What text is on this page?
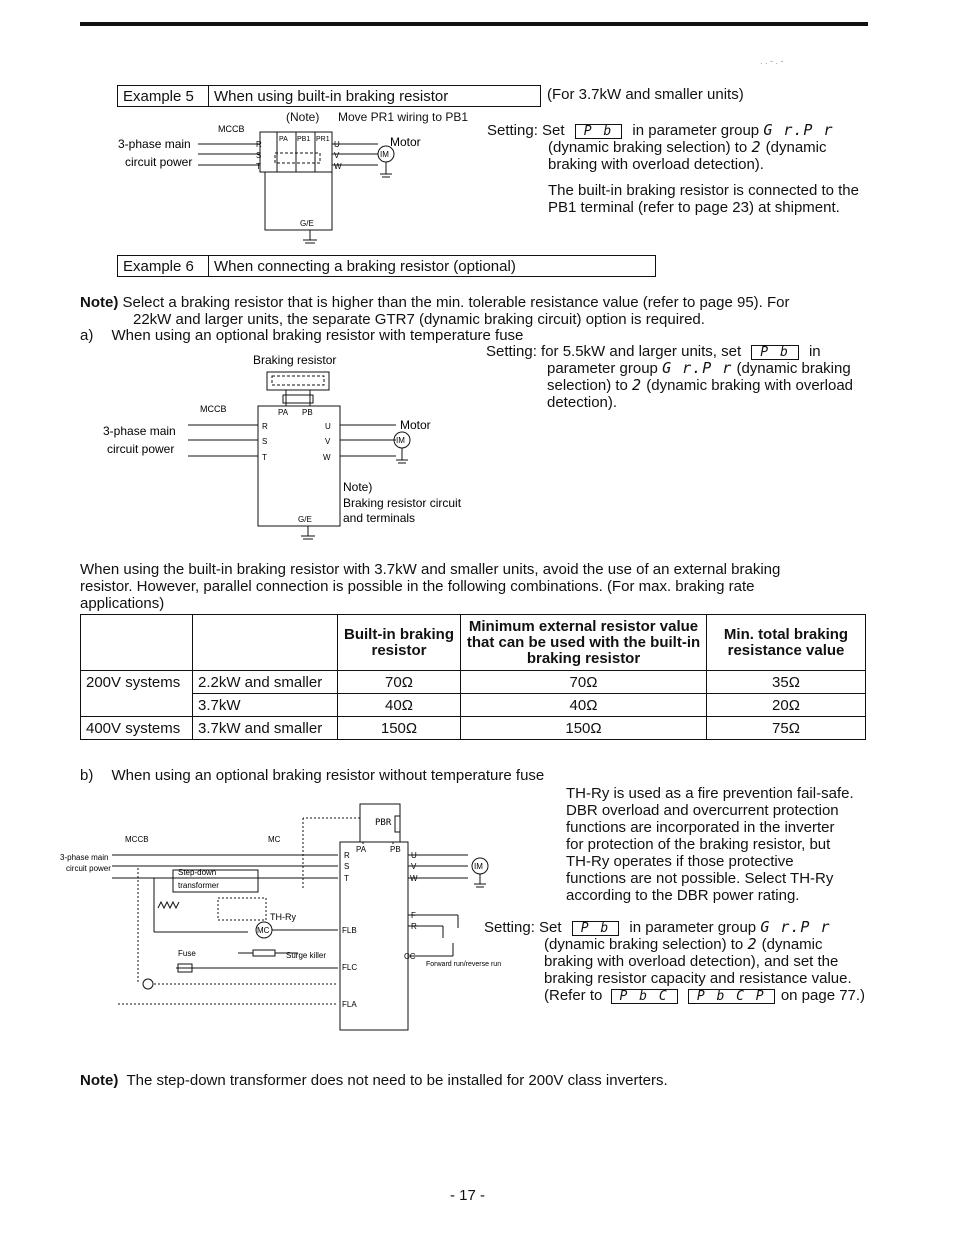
. . - . -
Example 5	When using built-in braking resistor	(For 3.7kW and smaller units)
(Note) Move PR1 wiring to PB1
MCCB
3-phase main
circuit power
Motor
R
S
T
PA PB1 PR1
U
V
W
IM
G/E

Setting: Set P b in parameter group G r.P r

(dynamic braking selection) to 2 (dynamic

braking with overload detection).

The built-in braking resistor is connected to the

PB1 terminal (refer to page 23) at shipment.

Example 6	When connecting a braking resistor (optional)

Note) Select a braking resistor that is higher than the min. tolerable resistance value (refer to page 95). For

22kW and larger units, the separate GTR7 (dynamic braking circuit) option is required.

a) When using an optional braking resistor with temperature fuse
Braking resistor
MCCB
3-phase main
circuit power
Motor
R
S
T
PA PB
U
V
W
IM
G/E
Note)
Braking resistor circuit
and terminals

Setting: for 5.5kW and larger units, set P b in

parameter group G r.P r (dynamic braking

selection) to 2 (dynamic braking with overload

detection).

When using the built-in braking resistor with 3.7kW and smaller units, avoid the use of an external braking

resistor. However, parallel connection is possible in the following combinations. (For max. braking rate

applications)

		Built-in braking resistor	Minimum external resistor value that can be used with the built-in braking resistor	Min. total braking resistance value
200V systems	2.2kW and smaller	70Ω	70Ω	35Ω
	3.7kW	40Ω	40Ω	20Ω
400V systems	3.7kW and smaller	150Ω	150Ω	75Ω
b) When using an optional braking resistor without temperature fuse
PBR
MCCB	MC
3-phase main
circuit power	Step-down
transformer
TH-Ry
MC
Fuse	Surge killer
R
S
T
PA	PB
U
V
W
IM
FLB
FLC
FLA
F
R
CC
Forward run/reverse run

TH-Ry is used as a fire prevention fail-safe.

DBR overload and overcurrent protection

functions are incorporated in the inverter

for protection of the braking resistor, but

TH-Ry operates if those protective

functions are not possible. Select TH-Ry

according to the DBR power rating.

Setting: Set P b in parameter group G r.P r

(dynamic braking selection) to 2 (dynamic

braking with overload detection), and set the

braking resistor capacity and resistance value.

(Refer to P b C P b C P on page 77.)

Note) The step-down transformer does not need to be installed for 200V class inverters.

- 17 -
